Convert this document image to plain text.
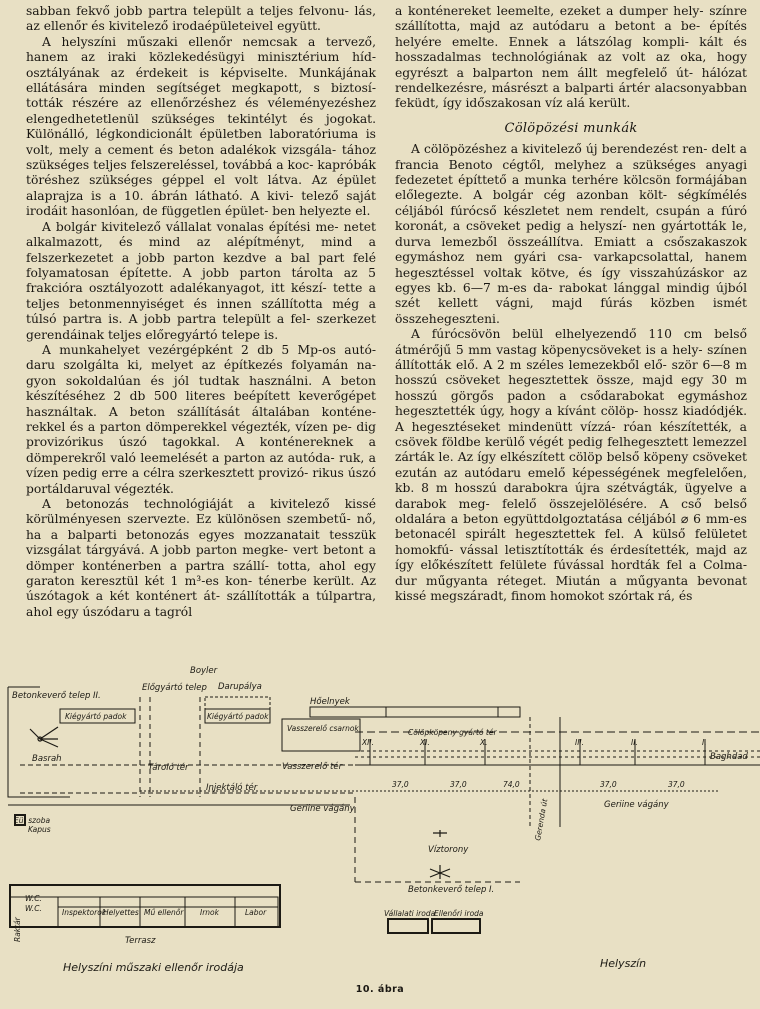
sabban fekvő jobb partra települt a teljes felvonu- lás, az ellenőr és kivitelező irodaépületeivel együtt.

A helyszíni műszaki ellenőr nemcsak a tervező, hanem az iraki közlekedésügyi minisztérium híd- osztályának az érdekeit is képviselte. Munkájának ellátására minden segítséget megkapott, s biztosí- tották részére az ellenőrzéshez és véleményezéshez elengedhetetlenül szükséges tekintélyt és jogokat. Különálló, légkondicionált épületben laboratóriuma is volt, mely a cement és beton adalékok vizsgála- tához szükséges teljes felszereléssel, továbbá a koc- kapróbák töréshez szükséges géppel el volt látva. Az épület alaprajza is a 10. ábrán látható. A kivi- telező saját irodáit hasonlóan, de független épület- ben helyezte el.

A bolgár kivitelező vállalat vonalas építési me- netet alkalmazott, és mind az alépítményt, mind a felszerkezetet a jobb parton kezdve a bal part felé folyamatosan építette. A jobb parton tárolta az 5 frakcióra osztályozott adalékanyagot, itt készí- tette a teljes betonmennyiséget és innen szállította még a túlsó partra is. A jobb partra települt a fel- szerkezet gerendáinak teljes előregyártó telepe is.

A munkahelyet vezérgépként 2 db 5 Mp-os autó- daru szolgálta ki, melyet az építkezés folyamán na- gyon sokoldalúan és jól tudtak használni. A beton készítéséhez 2 db 500 literes beépített keverőgépet használtak. A beton szállítását általában konténe- rekkel és a parton dömperekkel végezték, vízen pe- dig provizórikus úszó tagokkal. A konténereknek a dömperekről való leemelését a parton az autóda- ruk, a vízen pedig erre a célra szerkesztett provizó- rikus úszó portáldaruval végezték.

A betonozás technológiáját a kivitelező kissé körülményesen szervezte. Ez különösen szembetű- nő, ha a balparti betonozás egyes mozzanatait tesszük vizsgálat tárgyává. A jobb parton megke- vert betont a dömper konténerben a partra szállí- totta, ahol egy garaton keresztül két 1 m³-es kon- ténerbe került. Az úszótagok a két konténert át- szállították a túlpartra, ahol egy úszódaru a tagról

a konténereket leemelte, ezeket a dumper hely- színre szállította, majd az autódaru a betont a be- építés helyére emelte. Ennek a látszólag kompli- kált és hosszadalmas technológiának az volt az oka, hogy egyrészt a balparton nem állt megfelelő út- hálózat rendelkezésre, másrészt a balparti ártér alacsonyabban feküdt, így időszakosan víz alá került.

Cölöpözési munkák

A cölöpözéshez a kivitelező új berendezést ren- delt a francia Benoto cégtől, melyhez a szükséges anyagi fedezetet építtető a munka terhére kölcsön formájában előlegezte. A bolgár cég azonban költ- ségkímélés céljából fúrócső készletet nem rendelt, csupán a fúró koronát, a csöveket pedig a helyszí- nen gyártották le, durva lemezből összeállítva. Emiatt a csőszakaszok egymáshoz nem gyári csa- varkapcsolattal, hanem hegesztéssel voltak kötve, és így visszahúzáskor az egyes kb. 6—7 m-es da- rabokat lánggal mindig újból szét kellett vágni, majd fúrás közben ismét összehegeszteni.

A fúrócsövön belül elhelyezendő 110 cm belső átmérőjű 5 mm vastag köpenycsöveket is a hely- színen állították elő. A 2 m széles lemezekből elő- ször 6—8 m hosszú csöveket hegesztettek össze, majd egy 30 m hosszú görgős padon a csődarabokat egymáshoz hegesztették úgy, hogy a kívánt cölöp- hossz kiadódjék. A hegesztéseket mindenütt vízzá- róan készítették, a csövek földbe kerülő végét pedig felhegesztett lemezzel zárták le. Az így elkészített cölöp belső köpeny csöveket ezután az autódaru emelő képességének megfelelően, kb. 8 m hosszú darabokra újra szétvágták, ügyelve a darabok meg- felelő összejelölésére. A cső belső oldalára a beton együttdolgoztatása céljából ⌀ 6 mm-es betonacél spirált hegesztettek fel. A külső felületet homokfú- vással letisztították és érdesítették, majd az így előkészített felülete fúvással hordták fel a Colma- dur műgyanta réteget. Miután a műgyanta bevonat kissé megszáradt, finom homokot szórtak rá, és

Betonkeverő telep II.
Boyler
Előgyártó telep Darupálya
Hőelnyek
Kiégyártó padok	Kiégyártó padok
Vasszerelő csarnok	Cölöpköpeny gyártó tér
Basrah
Tároló tér	Vasszerelő tér
Injektáló tér
Geriine vágány	Geriine vágány
Baghdad
Eü. szoba
Kapus	Gerenda út
Víztorony
Betonkeverő telep I.
Vállalati iroda
Ellenőri iroda
Helyszín
W.C.
W.C.
Raktár
Inspektorok
Helyettes Mű ellenőr Irnok	Labor
Terrasz
Helyszíni műszaki ellenőr irodája
37,0	37,0	74,0	37,0	37,0
XII.	XI.	X.	III.	II.	I.
10. ábra
